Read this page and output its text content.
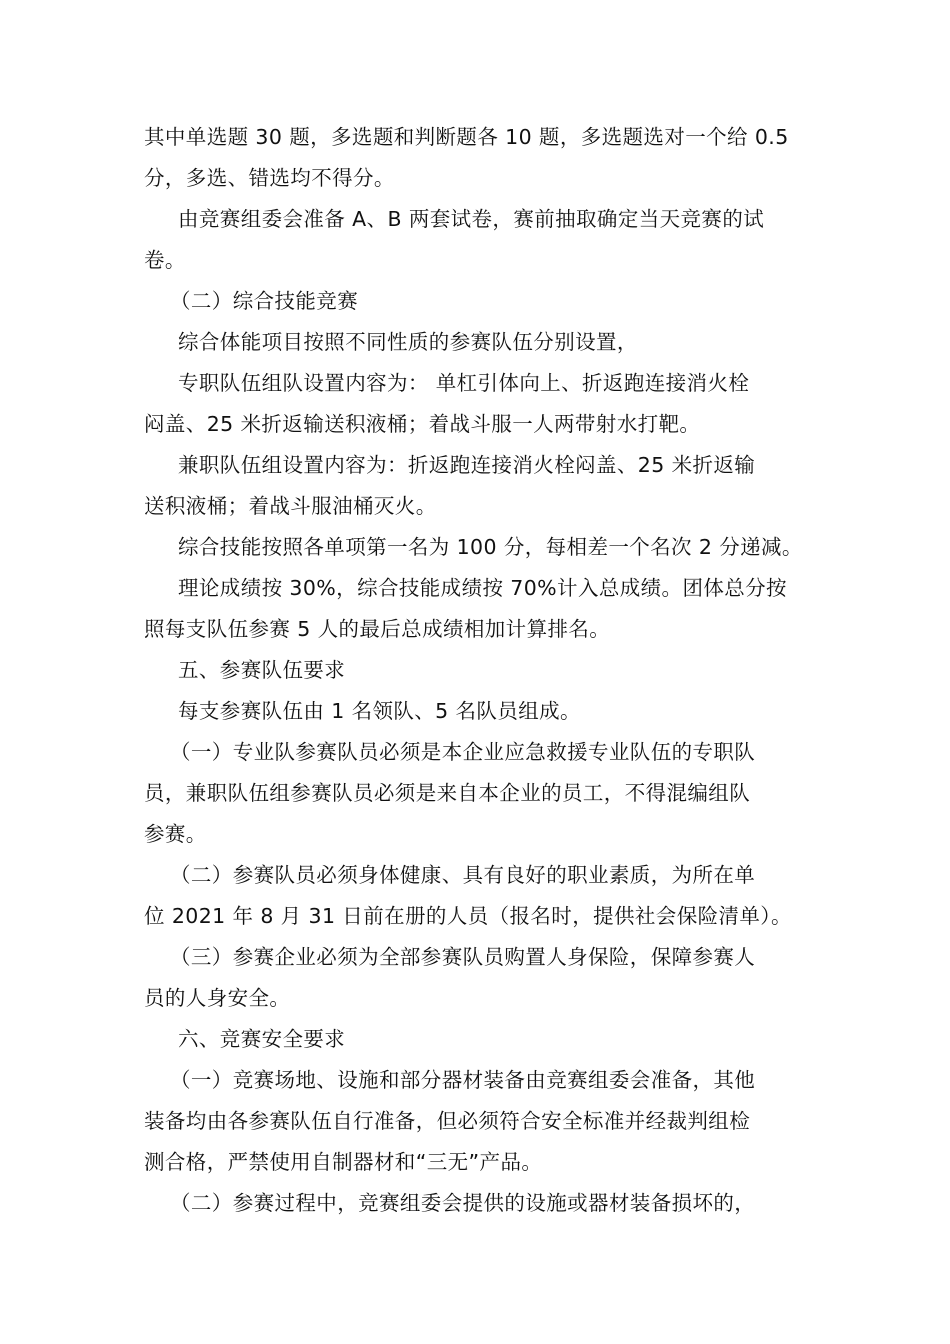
其中单选题 30 题，多选题和判断题各 10 题，多选题选对一个给 0.5
分，多选、错选均不得分。
由竞赛组委会准备 A、B 两套试卷，赛前抽取确定当天竞赛的试
卷。
（二）综合技能竞赛
综合体能项目按照不同性质的参赛队伍分别设置，
专职队伍组队设置内容为： 单杠引体向上、折返跑连接消火栓
闷盖、25 米折返输送积液桶；着战斗服一人两带射水打靶。
兼职队伍组设置内容为：折返跑连接消火栓闷盖、25 米折返输
送积液桶；着战斗服油桶灭火。
综合技能按照各单项第一名为 100 分，每相差一个名次 2 分递减。
理论成绩按 30%，综合技能成绩按 70%计入总成绩。团体总分按
照每支队伍参赛 5 人的最后总成绩相加计算排名。
五、参赛队伍要求
每支参赛队伍由 1 名领队、5 名队员组成。
（一）专业队参赛队员必须是本企业应急救援专业队伍的专职队
员，兼职队伍组参赛队员必须是来自本企业的员工，不得混编组队
参赛。
（二）参赛队员必须身体健康、具有良好的职业素质，为所在单
位 2021 年 8 月 31 日前在册的人员（报名时，提供社会保险清单）。
（三）参赛企业必须为全部参赛队员购置人身保险，保障参赛人
员的人身安全。
六、竞赛安全要求
（一）竞赛场地、设施和部分器材装备由竞赛组委会准备，其他
装备均由各参赛队伍自行准备，但必须符合安全标准并经裁判组检
测合格，严禁使用自制器材和“三无”产品。
（二）参赛过程中，竞赛组委会提供的设施或器材装备损坏的，
